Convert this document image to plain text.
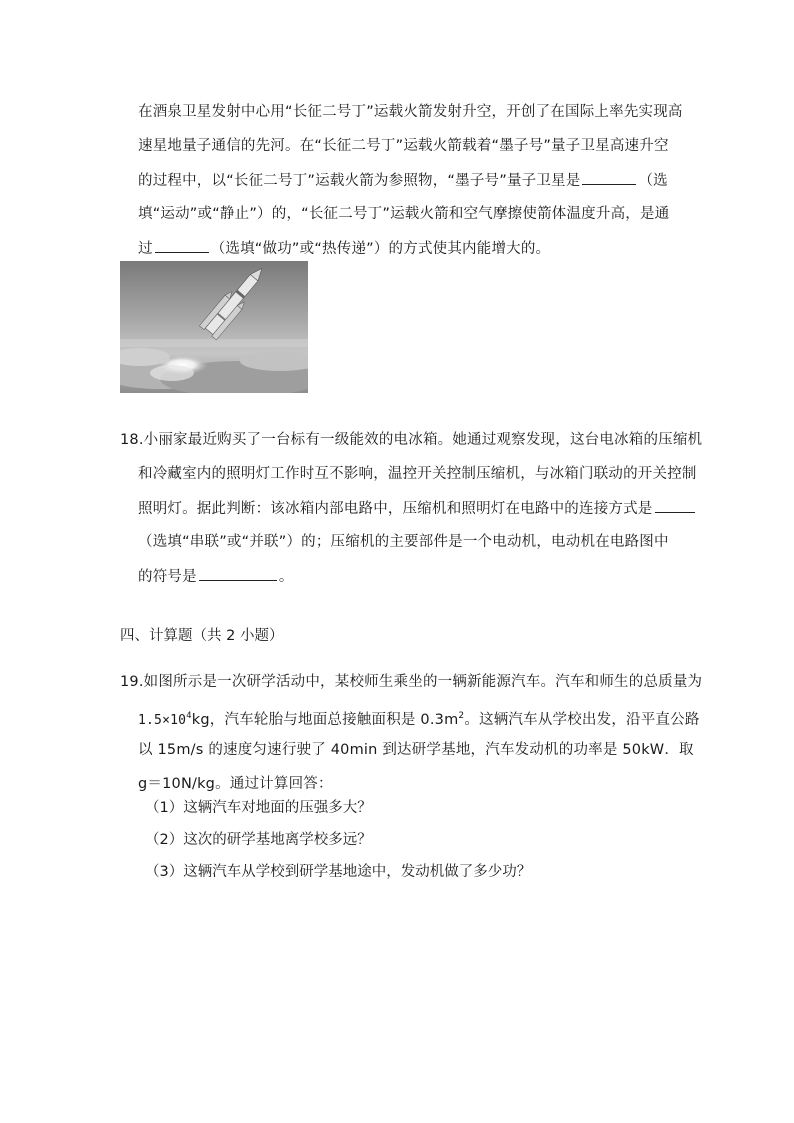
在酒泉卫星发射中心用“长征二号丁”运载火箭发射升空，开创了在国际上率先实现高
速星地量子通信的先河。在“长征二号丁”运载火箭载着“墨子号”量子卫星高速升空
的过程中，以“长征二号丁”运载火箭为参照物，“墨子号”量子卫星是	（选
填“运动”或“静止”）的，“长征二号丁”运载火箭和空气摩擦使箭体温度升高，是通
过	（选填“做功”或“热传递”）的方式使其内能增大的。
18.小丽家最近购买了一台标有一级能效的电冰箱。她通过观察发现，这台电冰箱的压缩机
和冷藏室内的照明灯工作时互不影响，温控开关控制压缩机，与冰箱门联动的开关控制
照明灯。据此判断：该冰箱内部电路中，压缩机和照明灯在电路中的连接方式是
（选填“串联”或“并联”）的；压缩机的主要部件是一个电动机，电动机在电路图中
的符号是	。
四、计算题（共 2 小题）
19.如图所示是一次研学活动中，某校师生乘坐的一辆新能源汽车。汽车和师生的总质量为
$1.5\times 10^4kg$，汽车轮胎与地面总接触面积是 $0.3m^2$。这辆汽车从学校出发，沿平直公路
以 15m/s 的速度匀速行驶了 40min 到达研学基地，汽车发动机的功率是 50kW．取
g＝10N/kg。通过计算回答：
（1）这辆汽车对地面的压强多大？
（2）这次的研学基地离学校多远？
（3）这辆汽车从学校到研学基地途中，发动机做了多少功？
